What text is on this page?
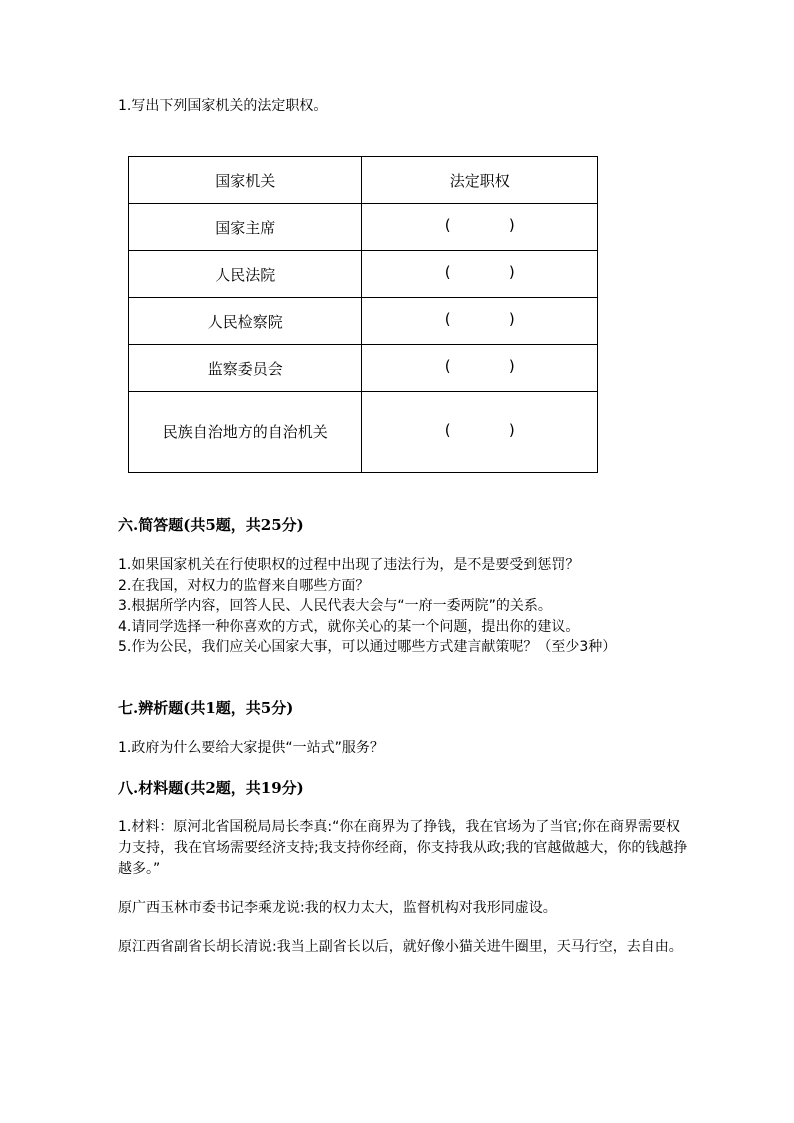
1.写出下列国家机关的法定职权。
国家机关	法定职权
国家主席	( )

人民法院	( )

人民检察院	( )

监察委员会	( )

民族自治地方的自治机关	( )
六.简答题(共5题，共25分)
1.如果国家机关在行使职权的过程中出现了违法行为，是不是要受到惩罚？
2.在我国，对权力的监督来自哪些方面？
3.根据所学内容，回答人民、人民代表大会与“一府一委两院”的关系。
4.请同学选择一种你喜欢的方式，就你关心的某一个问题，提出你的建议。
5.作为公民，我们应关心国家大事，可以通过哪些方式建言献策呢？（至少3种）
七.辨析题(共1题，共5分)
1.政府为什么要给大家提供“一站式”服务？
八.材料题(共2题，共19分)
1.材料：原河北省国税局局长李真:“你在商界为了挣钱，我在官场为了当官;你在商界需要权力支持，我在官场需要经济支持;我支持你经商，你支持我从政;我的官越做越大，你的钱越挣越多。”
原广西玉林市委书记李乘龙说:我的权力太大，监督机构对我形同虚设。
原江西省副省长胡长清说:我当上副省长以后，就好像小猫关进牛圈里，天马行空，去自由。
